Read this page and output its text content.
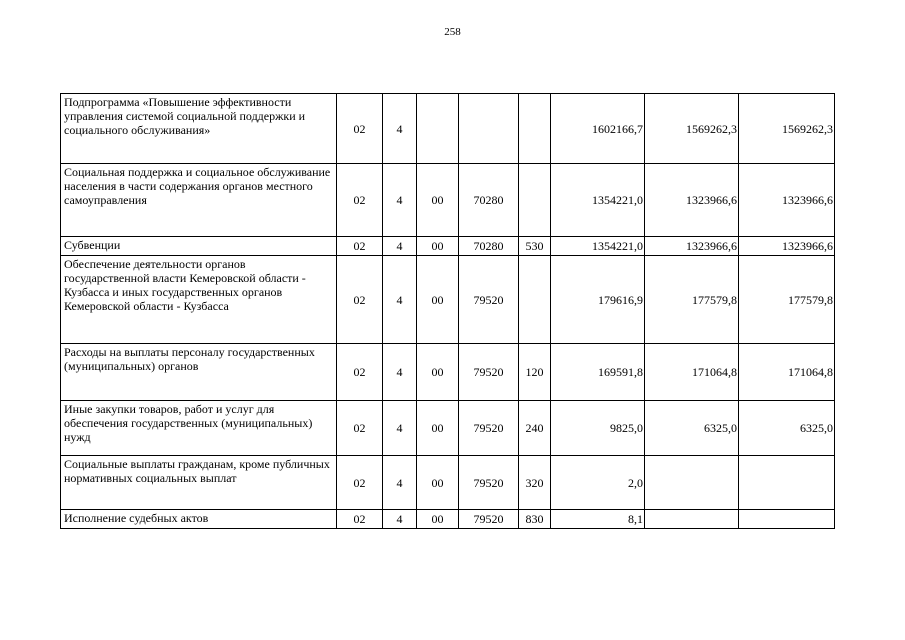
258
Подпрограмма «Повышение эффективности управления системой социальной поддержки и социального обслуживания»	02	4				1602166,7	1569262,3	1569262,3
Социальная поддержка и социальное обслуживание населения в части содержания органов местного самоуправления	02	4	00	70280		1354221,0	1323966,6	1323966,6
Субвенции	02	4	00	70280	530	1354221,0	1323966,6	1323966,6
Обеспечение деятельности органов государственной власти Кемеровской области - Кузбасса и иных государственных органов Кемеровской области - Кузбасса	02	4	00	79520		179616,9	177579,8	177579,8
Расходы на выплаты персоналу государственных (муниципальных) органов	02	4	00	79520	120	169591,8	171064,8	171064,8
Иные закупки товаров, работ и услуг для обеспечения государственных (муниципальных) нужд	02	4	00	79520	240	9825,0	6325,0	6325,0
Социальные выплаты гражданам, кроме публичных нормативных социальных выплат	02	4	00	79520	320	2,0		
Исполнение судебных актов	02	4	00	79520	830	8,1		
